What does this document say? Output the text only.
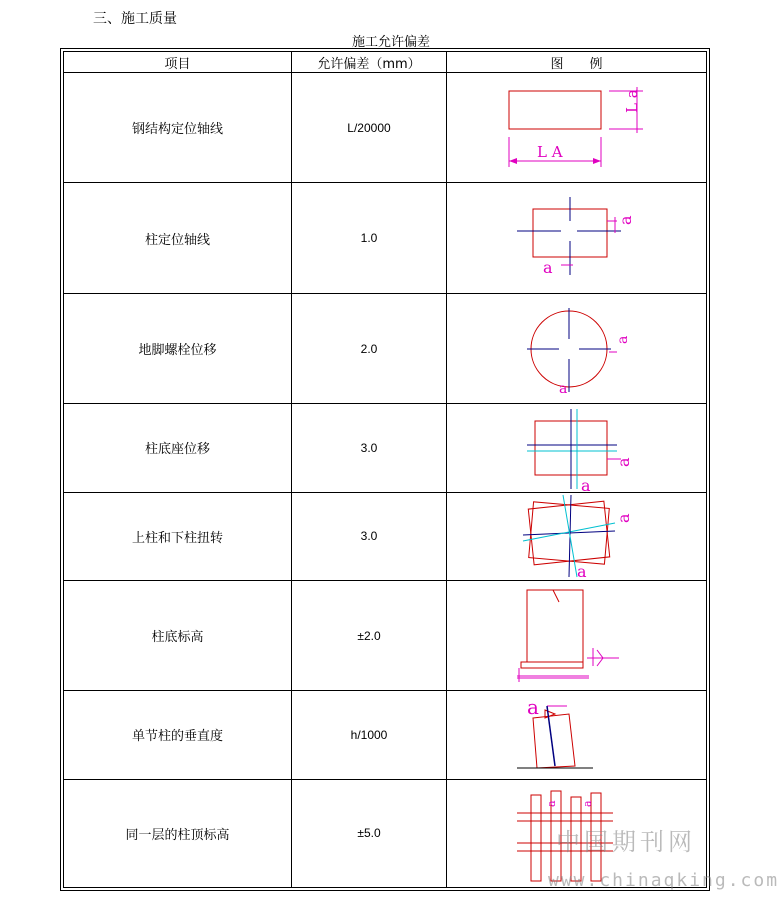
三、施工质量
施工允许偏差
项目	允许偏差（mm）	图　　例
钢结构定位轴线	L/20000	L a
L A

柱定位轴线	1.0	a
a

地脚螺栓位移	2.0	a
a

柱底座位移	3.0	a
a

上柱和下柱扭转	3.0	a
a

柱底标高	±2.0	

单节柱的垂直度	h/1000	a

同一层的柱顶标高	±5.0	a a
中国期刊网
www.chinaqking.com
